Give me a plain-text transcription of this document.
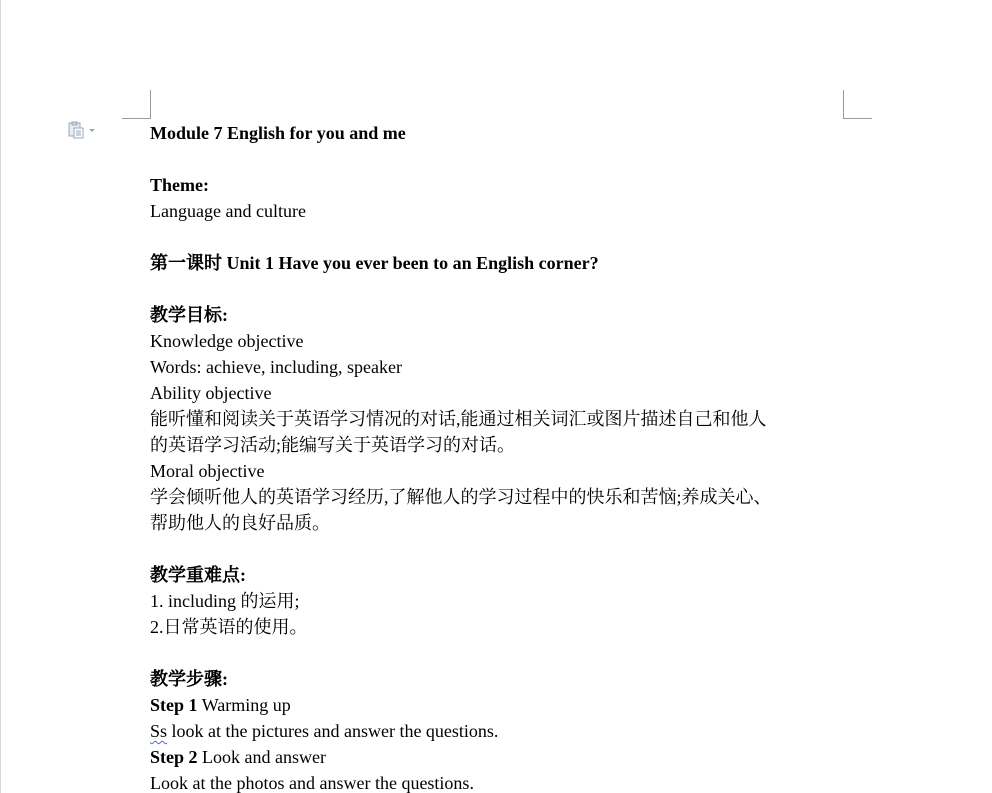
Module 7 English for you and me
Theme:
Language and culture
第一课时 Unit 1 Have you ever been to an English corner?
教学目标:
Knowledge objective
Words: achieve, including, speaker
Ability objective
能听懂和阅读关于英语学习情况的对话,能通过相关词汇或图片描述自己和他人
的英语学习活动;能编写关于英语学习的对话。
Moral objective
学会倾听他人的英语学习经历,了解他人的学习过程中的快乐和苦恼;养成关心、
帮助他人的良好品质。
教学重难点:
1. including 的运用;
2.日常英语的使用。
教学步骤:
Step 1 Warming up
Ss look at the pictures and answer the questions.
Step 2 Look and answer
Look at the photos and answer the questions.
